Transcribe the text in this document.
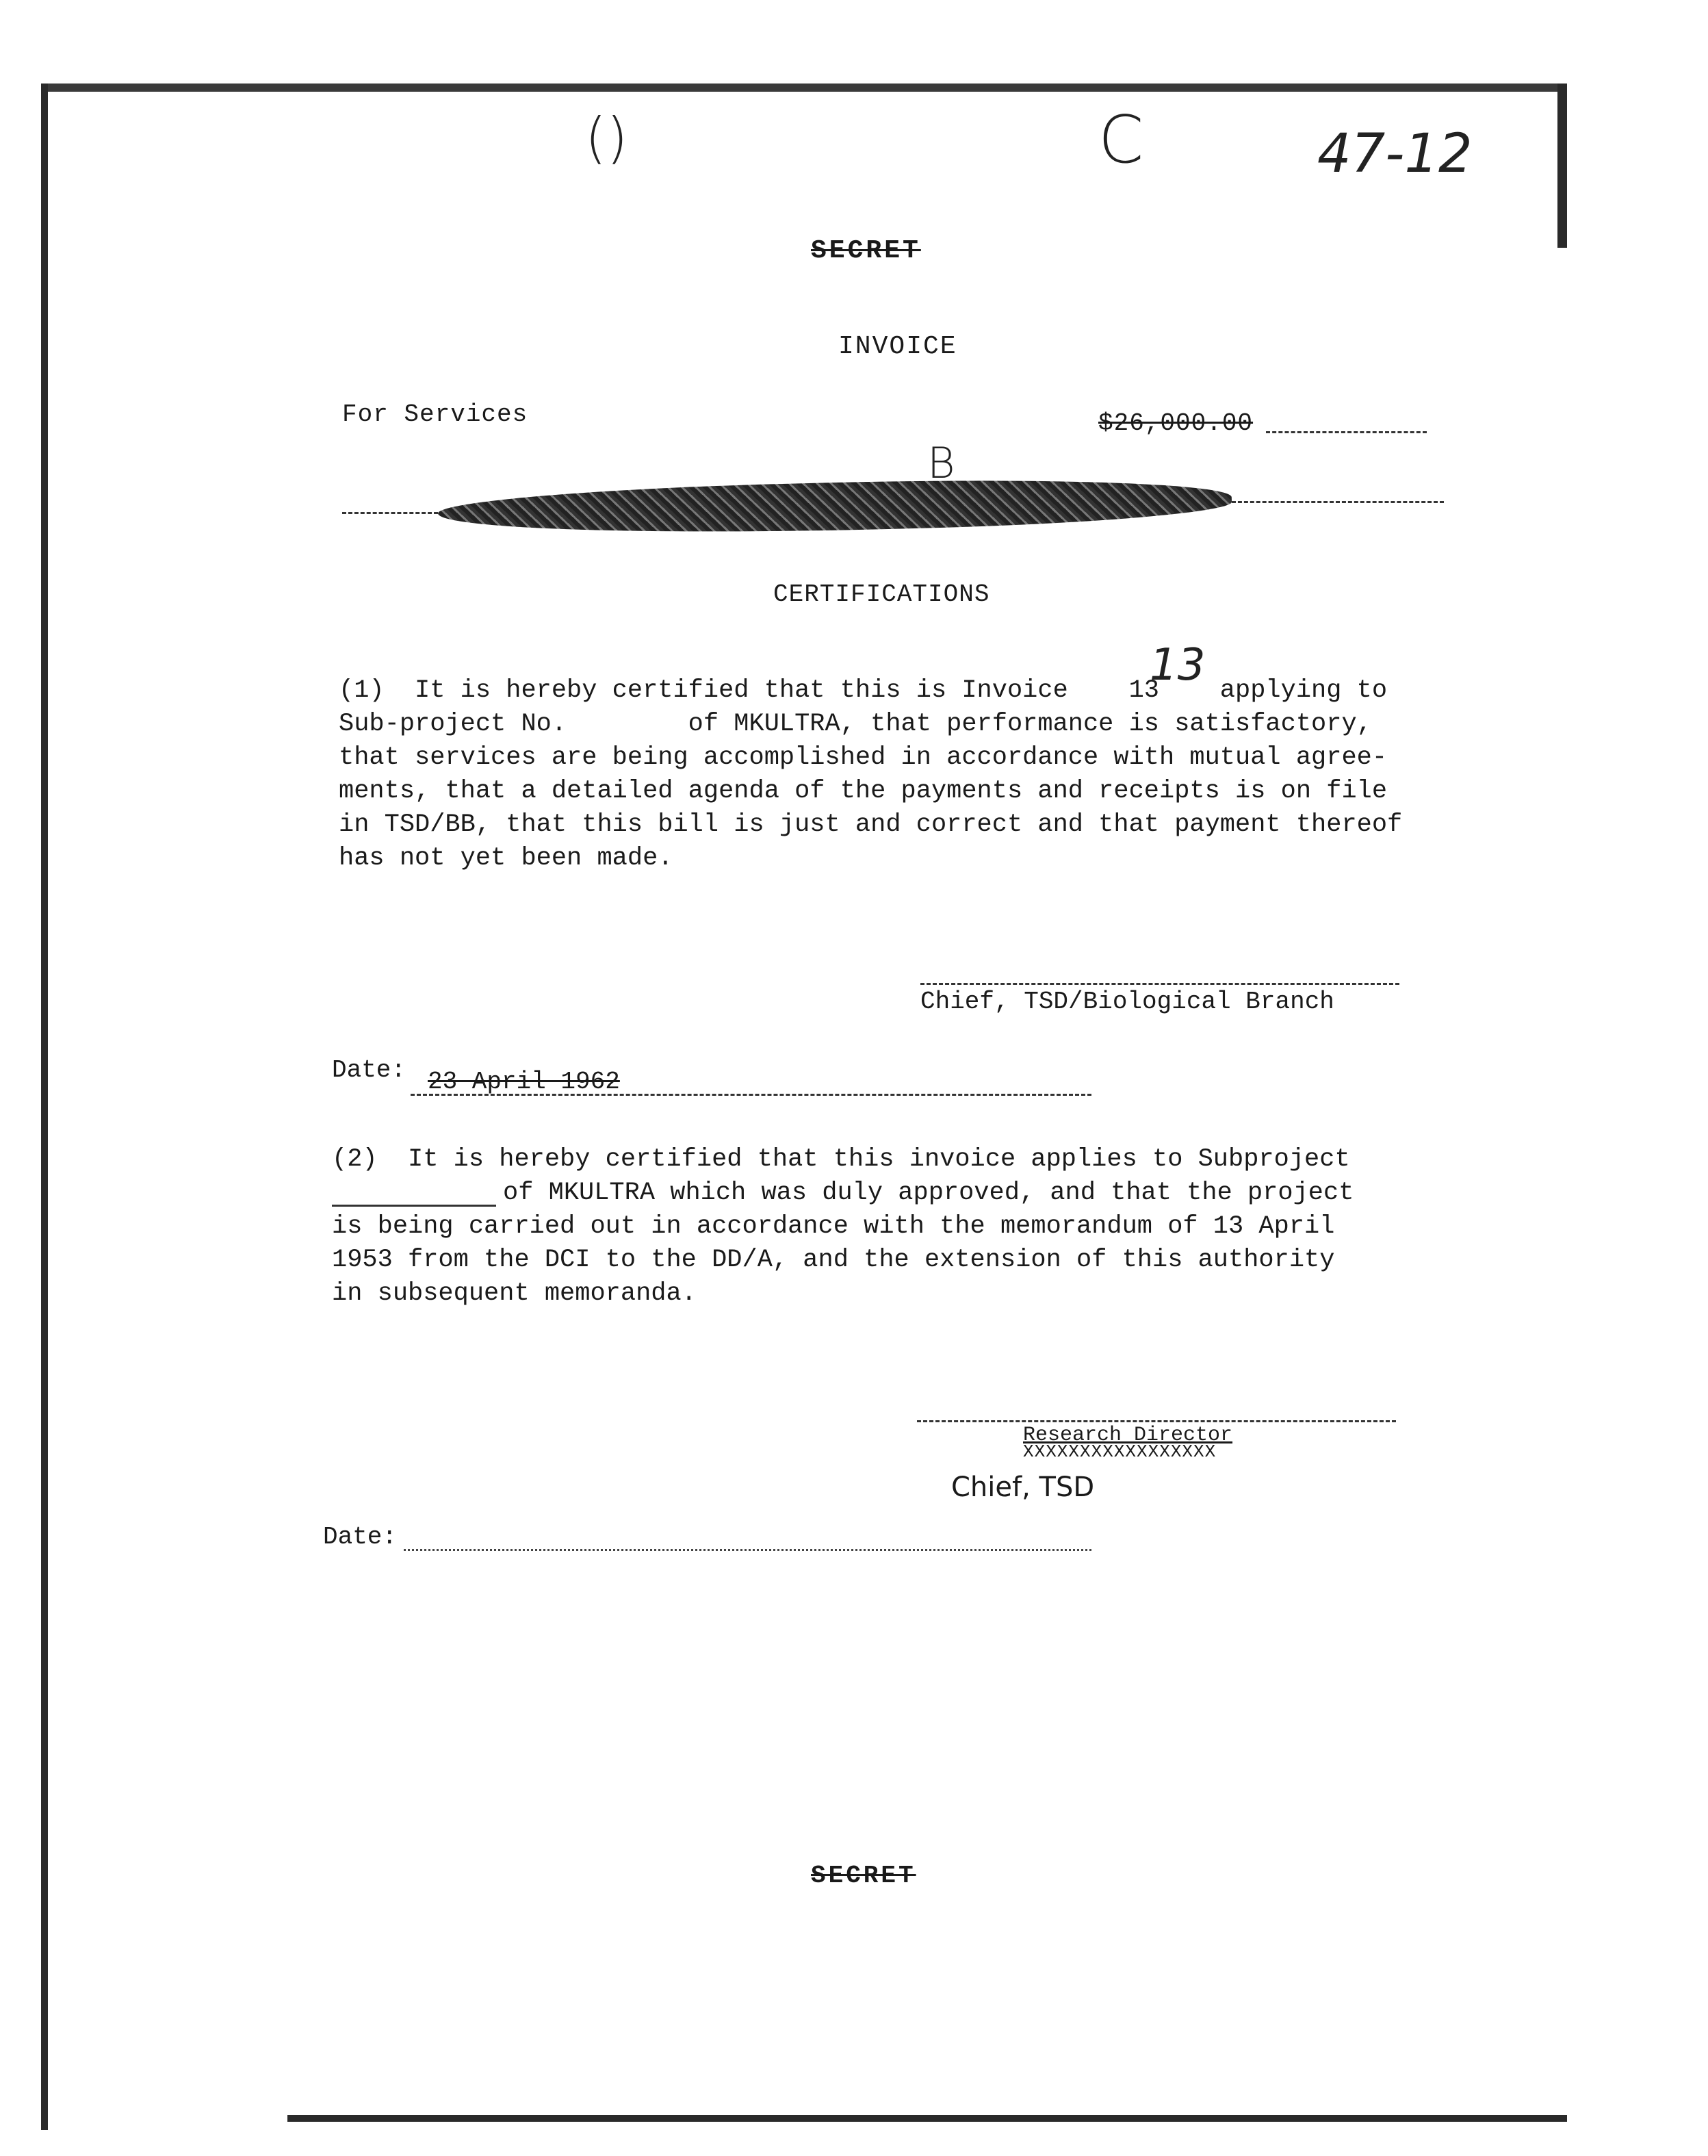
()	C	47-12
SECRET
INVOICE
For Services	$26,000.00
B
CERTIFICATIONS
13
(1)  It is hereby certified that this is Invoice    13    applying to
Sub-project No.        of MKULTRA, that performance is satisfactory,
that services are being accomplished in accordance with mutual agree-
ments, that a detailed agenda of the payments and receipts is on file
in TSD/BB, that this bill is just and correct and that payment thereof
has not yet been made.
Chief, TSD/Biological Branch
Date: 23 April 1962
(2)  It is hereby certified that this invoice applies to Subproject
of MKULTRA which was duly approved, and that the project
is being carried out in accordance with the memorandum of 13 April
1953 from the DCI to the DD/A, and the extension of this authority
in subsequent memoranda.
Research Director
XXXXXXXXXXXXXXXXX
Chief, TSD
Date:
SECRET
